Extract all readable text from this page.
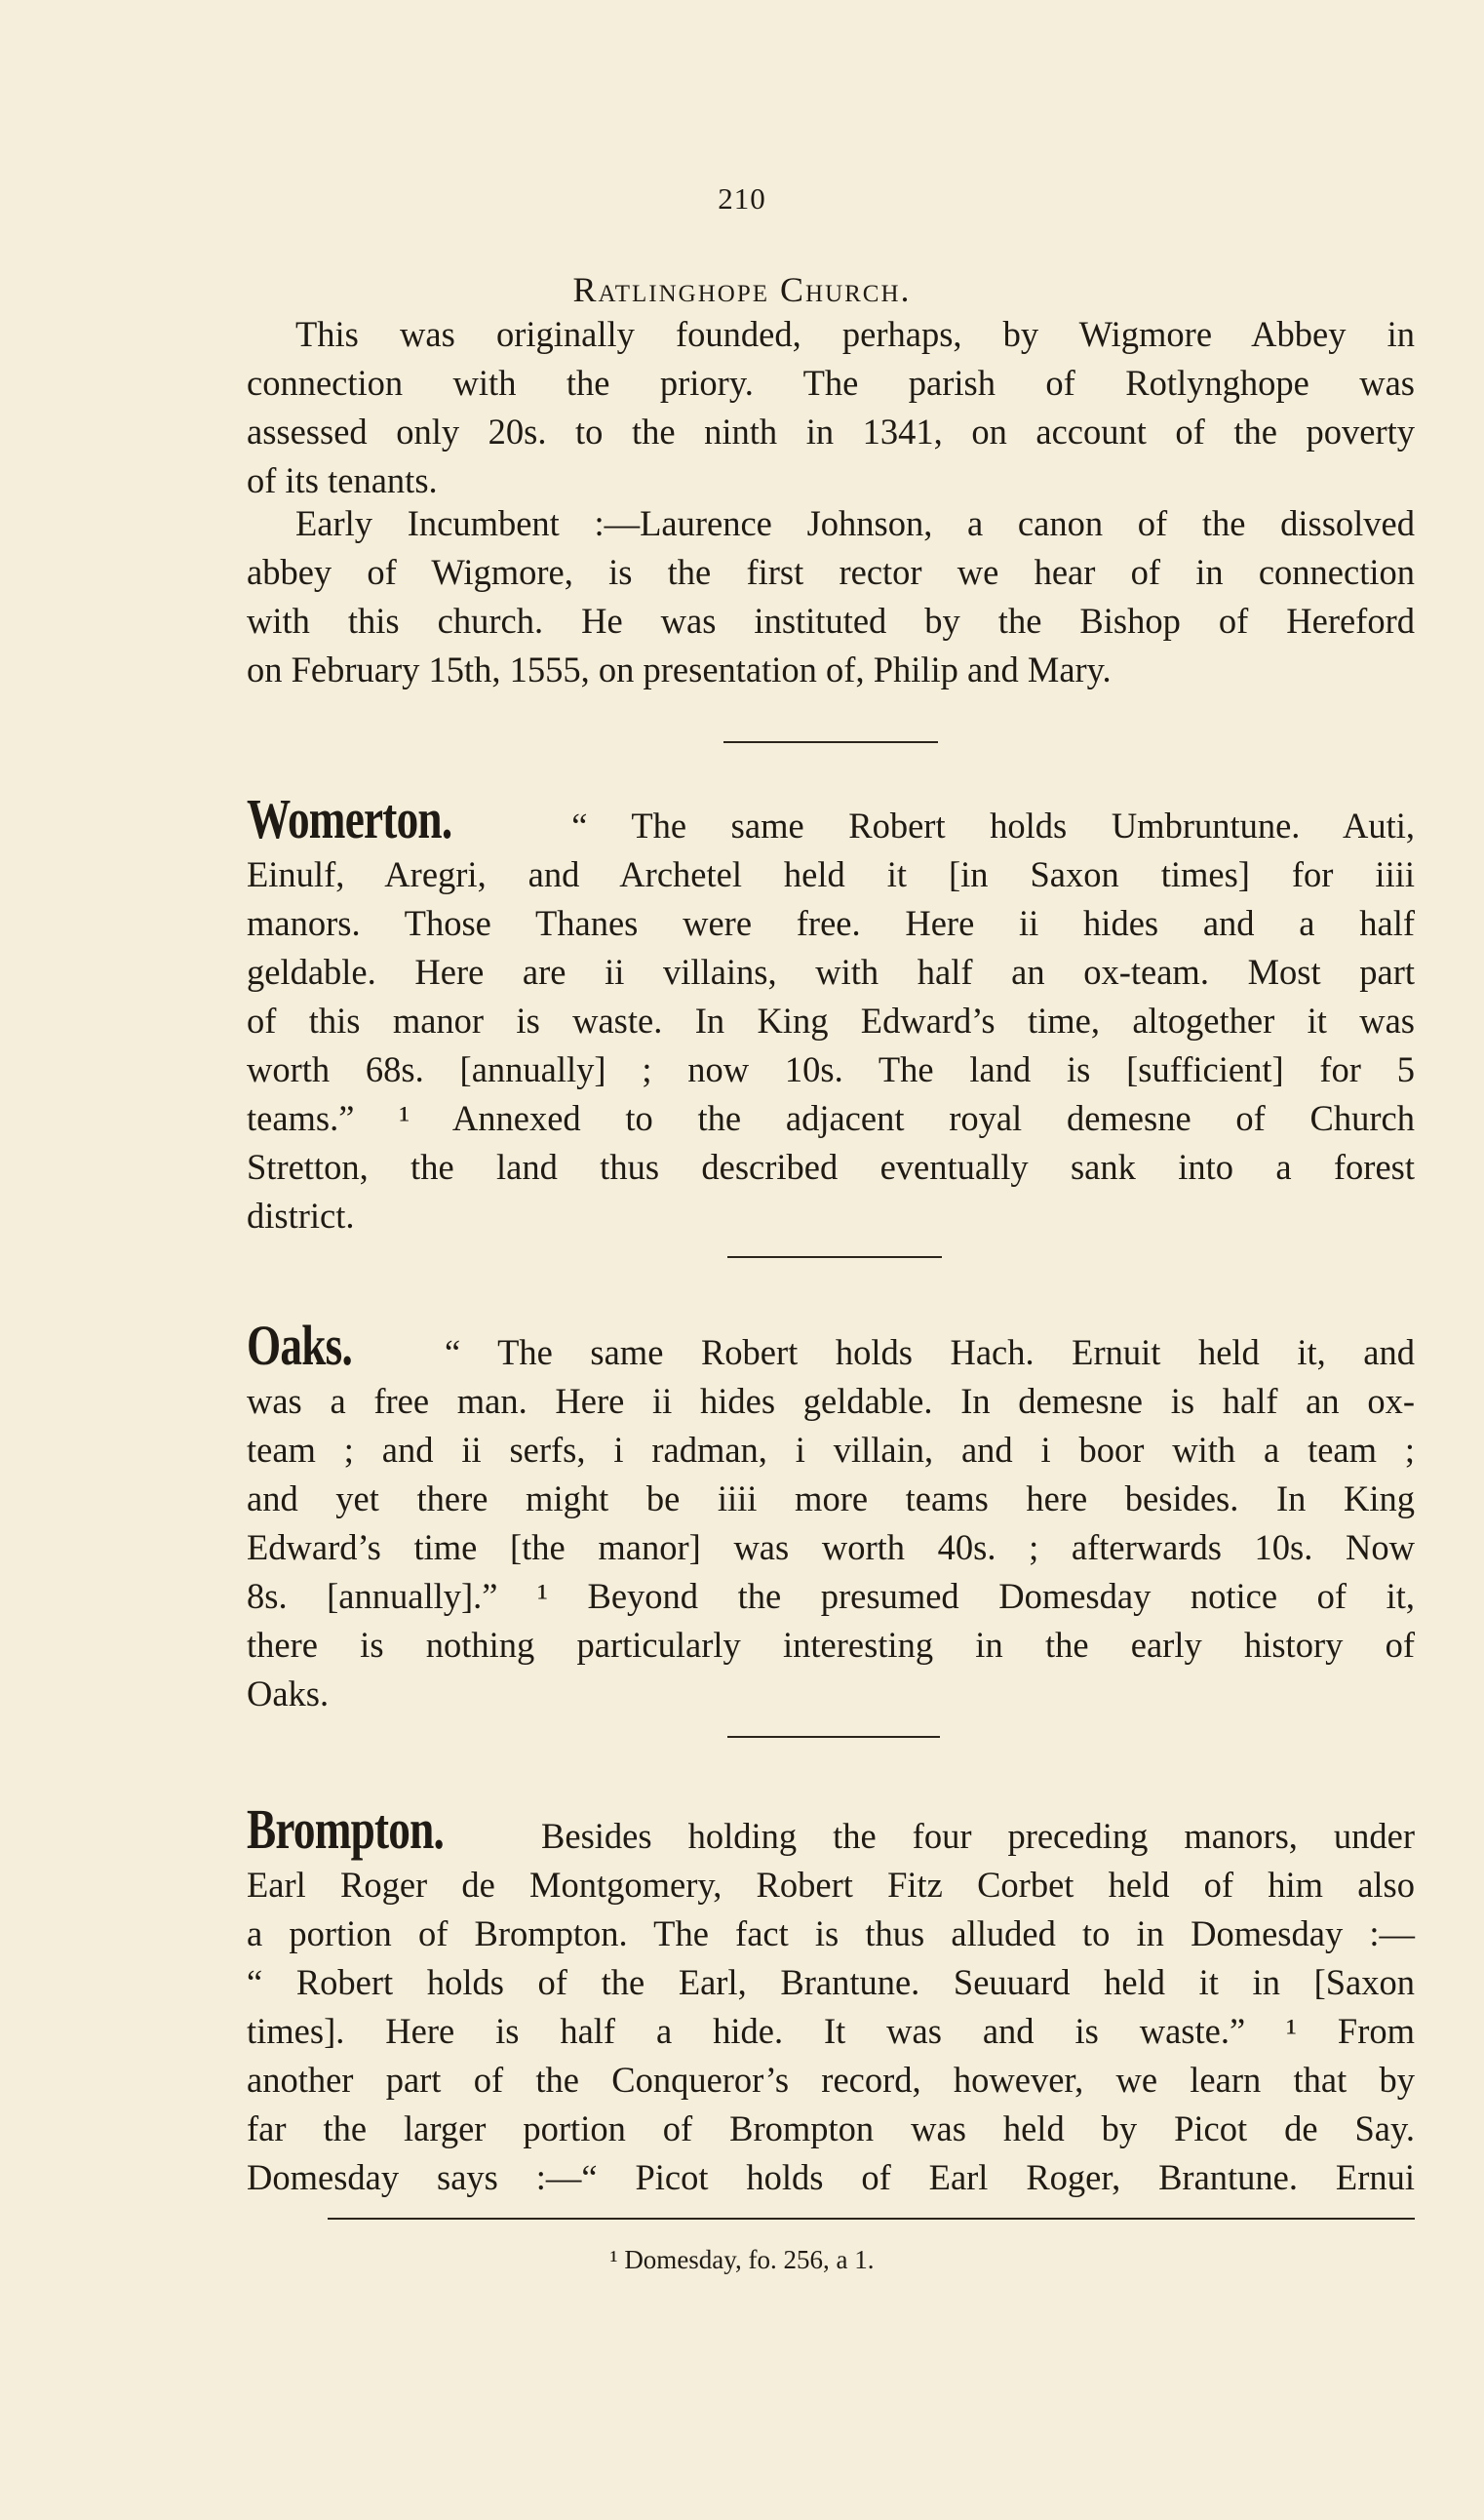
210
Ratlinghope Church.
This was originally founded, perhaps, by Wigmore Abbey in
connection with the priory. The parish of Rotlynghope was
assessed only 20s. to the ninth in 1341, on account of the poverty
of its tenants.
Early Incumbent :—Laurence Johnson, a canon of the dissolved
abbey of Wigmore, is the first rector we hear of in connection
with this church. He was instituted by the Bishop of Hereford
on February 15th, 1555, on presentation of, Philip and Mary.
Womerton.	“ The same Robert holds Umbruntune. Auti,
Einulf, Aregri, and Archetel held it [in Saxon times] for iiii
manors. Those Thanes were free. Here ii hides and a half
geldable. Here are ii villains, with half an ox-team. Most part
of this manor is waste. In King Edward’s time, altogether it was
worth 68s. [annually] ; now 10s. The land is [sufficient] for 5
teams.” ¹ Annexed to the adjacent royal demesne of Church
Stretton, the land thus described eventually sank into a forest
district.
Oaks.	“ The same Robert holds Hach. Ernuit held it, and
was a free man. Here ii hides geldable. In demesne is half an ox-
team ; and ii serfs, i radman, i villain, and i boor with a team ;
and yet there might be iiii more teams here besides. In King
Edward’s time [the manor] was worth 40s. ; afterwards 10s. Now
8s. [annually].” ¹ Beyond the presumed Domesday notice of it,
there is nothing particularly interesting in the early history of
Oaks.
Brompton.	Besides holding the four preceding manors, under
Earl Roger de Montgomery, Robert Fitz Corbet held of him also
a portion of Brompton. The fact is thus alluded to in Domesday :—
“ Robert holds of the Earl, Brantune. Seuuard held it in [Saxon
times]. Here is half a hide. It was and is waste.” ¹ From
another part of the Conqueror’s record, however, we learn that by
far the larger portion of Brompton was held by Picot de Say.
Domesday says :—“ Picot holds of Earl Roger, Brantune. Ernui
¹ Domesday, fo. 256, a 1.
